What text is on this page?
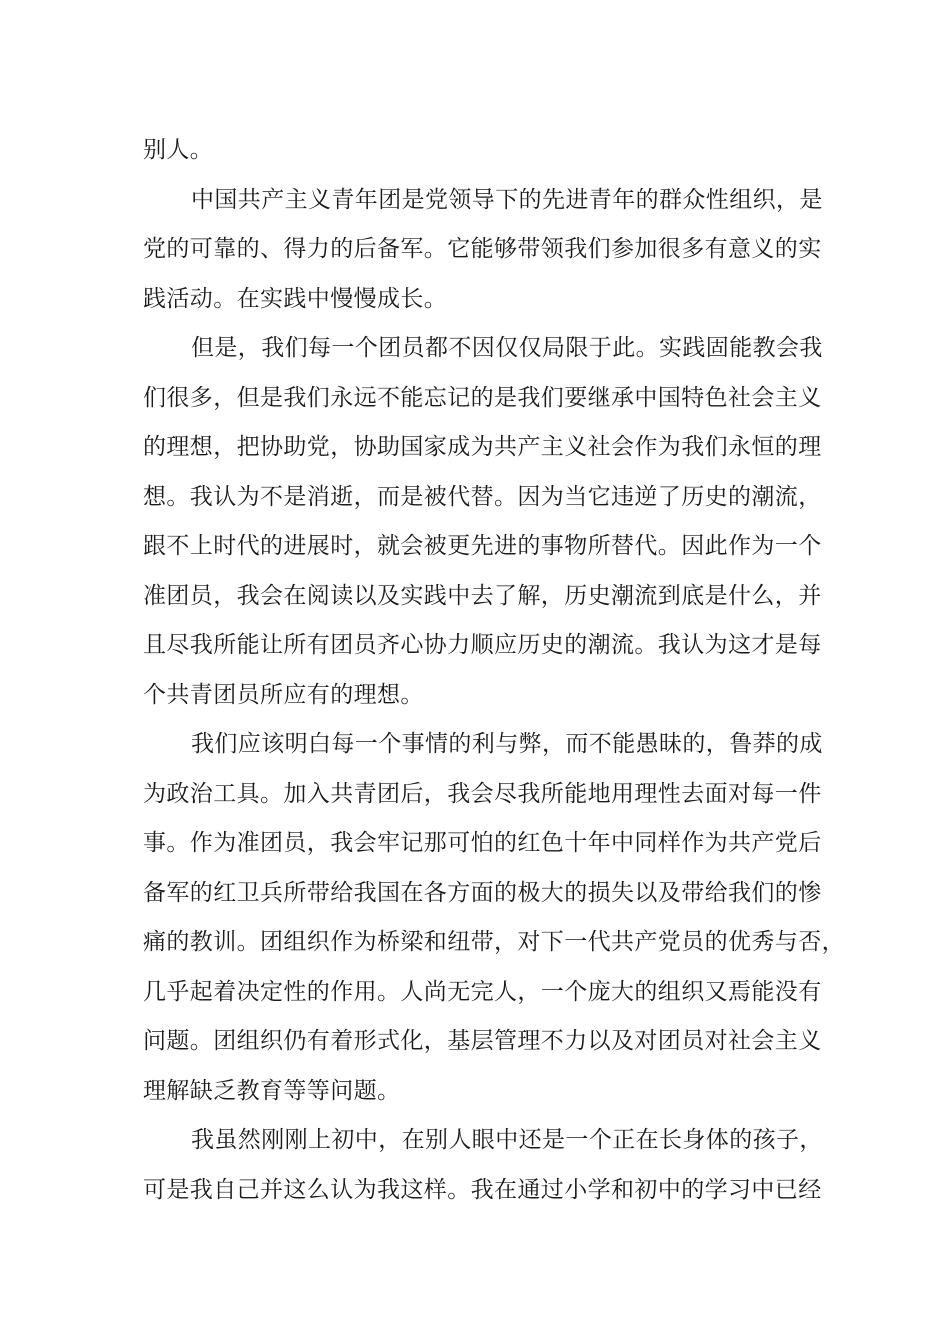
别人。
中国共产主义青年团是党领导下的先进青年的群众性组织，是
党的可靠的、得力的后备军。它能够带领我们参加很多有意义的实
践活动。在实践中慢慢成长。
但是，我们每一个团员都不因仅仅局限于此。实践固能教会我
们很多，但是我们永远不能忘记的是我们要继承中国特色社会主义
的理想，把协助党，协助国家成为共产主义社会作为我们永恒的理
想。我认为不是消逝，而是被代替。因为当它违逆了历史的潮流，
跟不上时代的进展时，就会被更先进的事物所替代。因此作为一个
准团员，我会在阅读以及实践中去了解，历史潮流到底是什么，并
且尽我所能让所有团员齐心协力顺应历史的潮流。我认为这才是每
个共青团员所应有的理想。
我们应该明白每一个事情的利与弊，而不能愚昧的，鲁莽的成
为政治工具。加入共青团后，我会尽我所能地用理性去面对每一件
事。作为准团员，我会牢记那可怕的红色十年中同样作为共产党后
备军的红卫兵所带给我国在各方面的极大的损失以及带给我们的惨
痛的教训。团组织作为桥梁和纽带，对下一代共产党员的优秀与否，
几乎起着决定性的作用。人尚无完人，一个庞大的组织又焉能没有
问题。团组织仍有着形式化，基层管理不力以及对团员对社会主义
理解缺乏教育等等问题。
我虽然刚刚上初中，在别人眼中还是一个正在长身体的孩子，
可是我自己并这么认为我这样。我在通过小学和初中的学习中已经
